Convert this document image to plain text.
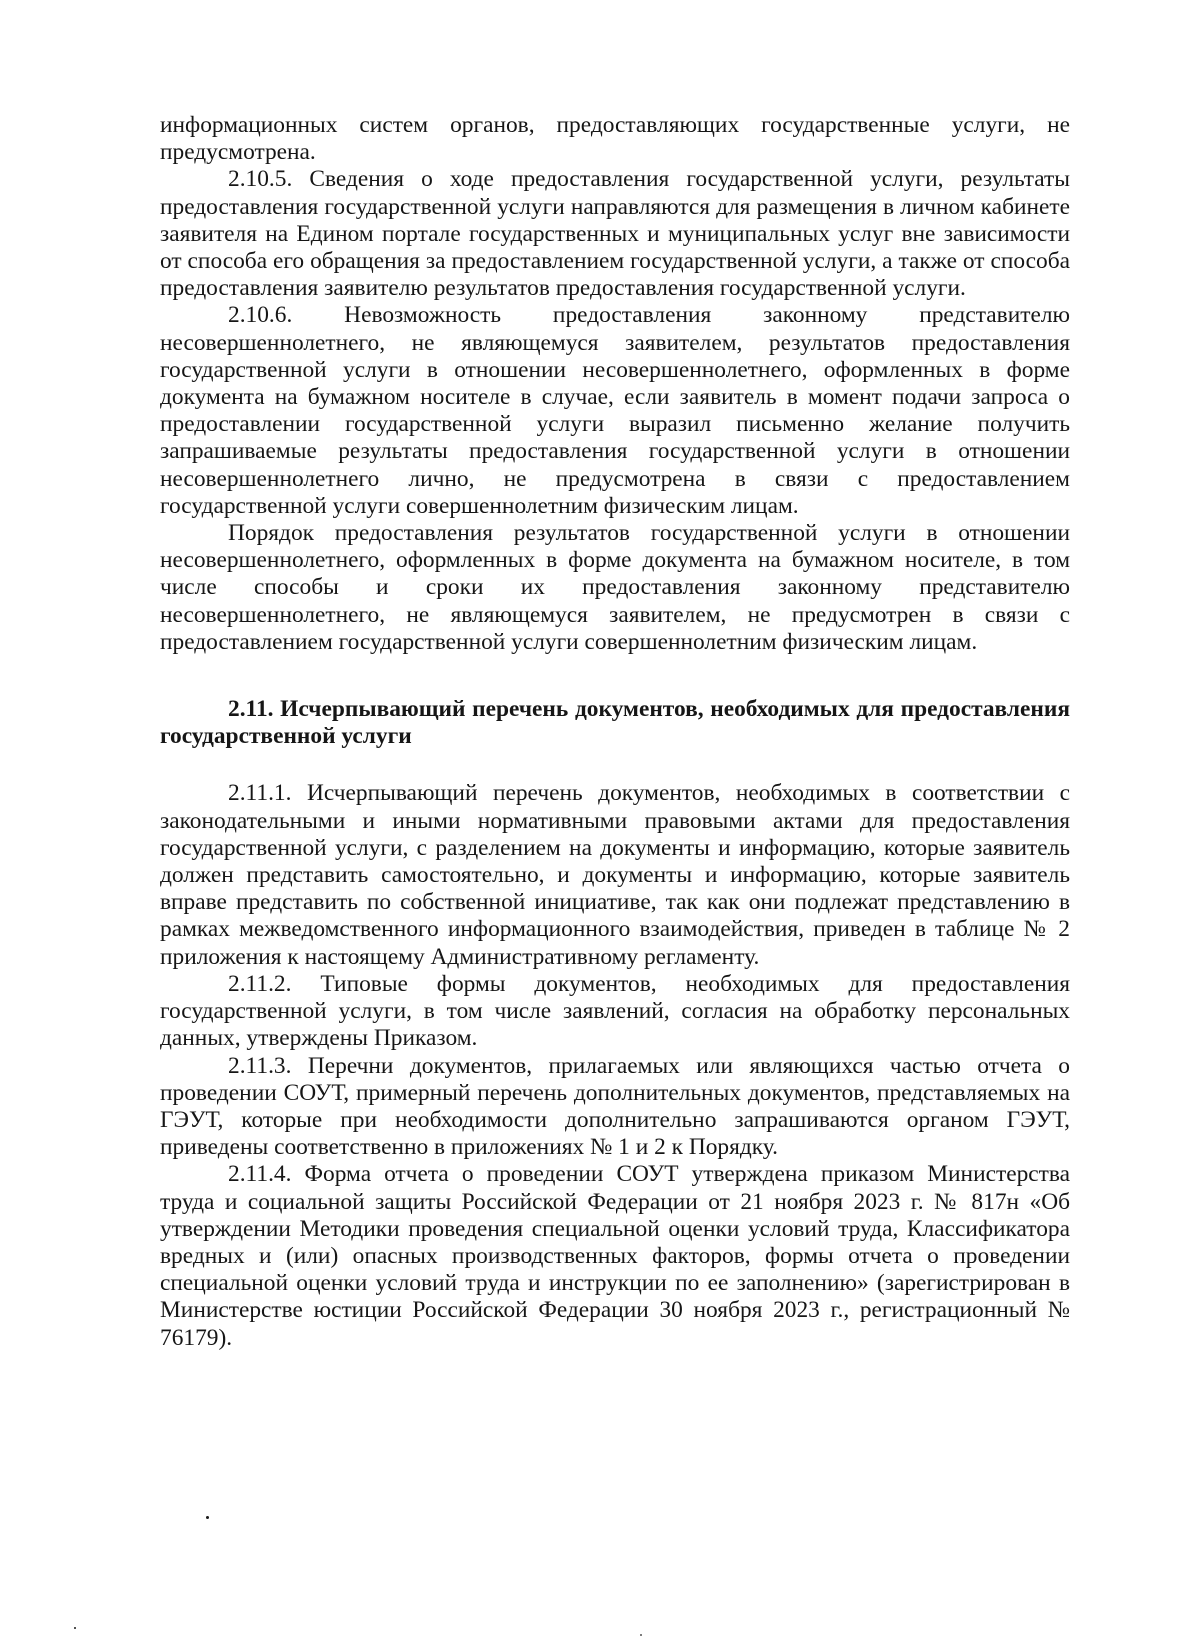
информационных систем органов, предоставляющих государственные услуги, не предусмотрена.

2.10.5. Сведения о ходе предоставления государственной услуги, результаты предоставления государственной услуги направляются для размещения в личном кабинете заявителя на Едином портале государственных и муниципальных услуг вне зависимости от способа его обращения за предоставлением государственной услуги, а также от способа предоставления заявителю результатов предоставления государственной услуги.

2.10.6. Невозможность предоставления законному представителю несовершеннолетнего, не являющемуся заявителем, результатов предоставления государственной услуги в отношении несовершеннолетнего, оформленных в форме документа на бумажном носителе в случае, если заявитель в момент подачи запроса о предоставлении государственной услуги выразил письменно желание получить запрашиваемые результаты предоставления государственной услуги в отношении несовершеннолетнего лично, не предусмотрена в связи с предоставлением государственной услуги совершеннолетним физическим лицам.

Порядок предоставления результатов государственной услуги в отношении несовершеннолетнего, оформленных в форме документа на бумажном носителе, в том числе способы и сроки их предоставления законному представителю несовершеннолетнего, не являющемуся заявителем, не предусмотрен в связи с предоставлением государственной услуги совершеннолетним физическим лицам.

2.11. Исчерпывающий перечень документов, необходимых для предоставления государственной услуги

2.11.1. Исчерпывающий перечень документов, необходимых в соответствии с законодательными и иными нормативными правовыми актами для предоставления государственной услуги, с разделением на документы и информацию, которые заявитель должен представить самостоятельно, и документы и информацию, которые заявитель вправе представить по собственной инициативе, так как они подлежат представлению в рамках межведомственного информационного взаимодействия, приведен в таблице № 2 приложения к настоящему Административному регламенту.

2.11.2. Типовые формы документов, необходимых для предоставления государственной услуги, в том числе заявлений, согласия на обработку персональных данных, утверждены Приказом.

2.11.3. Перечни документов, прилагаемых или являющихся частью отчета о проведении СОУТ, примерный перечень дополнительных документов, представляемых на ГЭУТ, которые при необходимости дополнительно запрашиваются органом ГЭУТ, приведены соответственно в приложениях № 1 и 2 к Порядку.

2.11.4. Форма отчета о проведении СОУТ утверждена приказом Министерства труда и социальной защиты Российской Федерации от 21 ноября 2023 г. № 817н «Об утверждении Методики проведения специальной оценки условий труда, Классификатора вредных и (или) опасных производственных факторов, формы отчета о проведении специальной оценки условий труда и инструкции по ее заполнению» (зарегистрирован в Министерстве юстиции Российской Федерации 30 ноября 2023 г., регистрационный № 76179).
